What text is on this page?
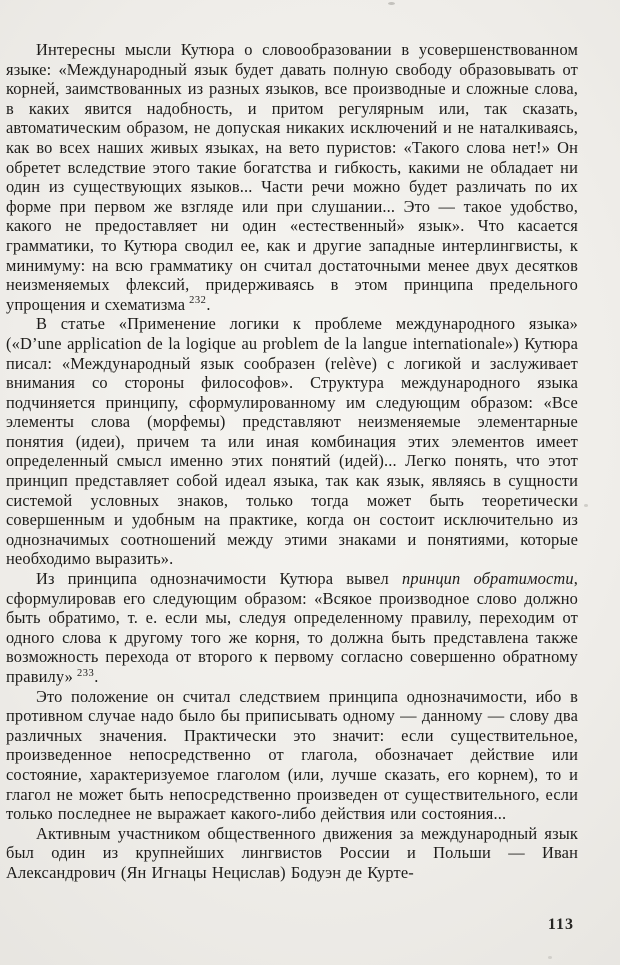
Интересны мысли Кутюра о словообразовании в усовершенствованном языке: «Международный язык будет давать полную свободу образовывать от корней, заимствованных из разных языков, все производные и сложные слова, в каких явится надобность, и притом регулярным или, так сказать, автоматическим образом, не допуская никаких исключений и не наталкиваясь, как во всех наших живых языках, на вето пуристов: «Такого слова нет!» Он обретет вследствие этого такие богатства и гибкость, какими не обладает ни один из существующих языков... Части речи можно будет различать по их форме при первом же взгляде или при слушании... Это — такое удобство, какого не предоставляет ни один «естественный» язык». Что касается грамматики, то Кутюра сводил ее, как и другие западные интерлингвисты, к минимуму: на всю грамматику он считал достаточными менее двух десятков неизменяемых флексий, придерживаясь в этом принципа предельного упрощения и схематизма $^{232}$.

В статье «Применение логики к проблеме международного языка» («D’une application de la logique au problem de la langue internationale») Кутюра писал: «Международный язык сообразен (relève) с логикой и заслуживает внимания со стороны философов». Структура международного языка подчиняется принципу, сформулированному им следующим образом: «Все элементы слова (морфемы) представляют неизменяемые элементарные понятия (идеи), причем та или иная комбинация этих элементов имеет определенный смысл именно этих понятий (идей)... Легко понять, что этот принцип представляет собой идеал языка, так как язык, являясь в сущности системой условных знаков, только тогда может быть теоретически совершенным и удобным на практике, когда он состоит исключительно из однозначимых соотношений между этими знаками и понятиями, которые необходимо выразить».

Из принципа однозначимости Кутюра вывел принцип обратимости, сформулировав его следующим образом: «Всякое производное слово должно быть обратимо, т. е. если мы, следуя определенному правилу, переходим от одного слова к другому того же корня, то должна быть представлена также возможность перехода от второго к первому согласно совершенно обратному правилу» $^{233}$.

Это положение он считал следствием принципа однозначимости, ибо в противном случае надо было бы приписывать одному — данному — слову два различных значения. Практически это значит: если существительное, произведенное непосредственно от глагола, обозначает действие или состояние, характеризуемое глаголом (или, лучше сказать, его корнем), то и глагол не может быть непосредственно произведен от существительного, если только последнее не выражает какого-либо действия или состояния...

Активным участником общественного движения за международный язык был один из крупнейших лингвистов России и Польши — Иван Александрович (Ян Игнацы Нецислав) Бодуэн де Курте-

113
